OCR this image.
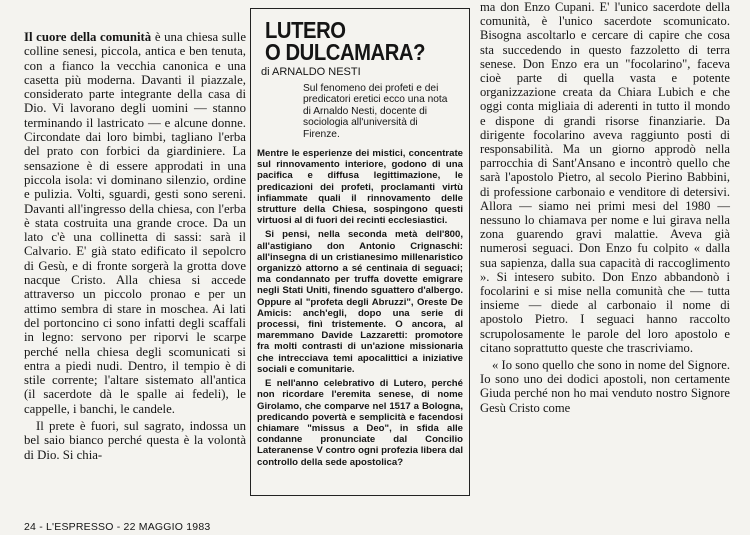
Il cuore della comunità è una chiesa sulle colline senesi, piccola, antica e ben tenuta, con a fianco la vecchia canonica e una casetta più moderna. Davanti il piazzale, considerato parte integrante della casa di Dio. Vi lavorano degli uomini — stanno terminando il lastricato — e alcune donne. Circondate dai loro bimbi, tagliano l'erba del prato con forbici da giardiniere. La sensazione è di essere approdati in una piccola isola: vi dominano silenzio, ordine e pulizia. Volti, sguardi, gesti sono sereni. Davanti all'ingresso della chiesa, con l'erba è stata costruita una grande croce. Da un lato c'è una collinetta di sassi: sarà il Calvario. E' già stato edificato il sepolcro di Gesù, e di fronte sorgerà la grotta dove nacque Cristo. Alla chiesa si accede attraverso un piccolo pronao e per un attimo sembra di stare in moschea. Ai lati del portoncino ci sono infatti degli scaffali in legno: servono per riporvi le scarpe perché nella chiesa degli scomunicati si entra a piedi nudi. Dentro, il tempio è di stile corrente; l'altare sistemato all'antica (il sacerdote dà le spalle ai fedeli), le cappelle, i banchi, le candele.

Il prete è fuori, sul sagrato, indossa un bel saio bianco perché questa è la volontà di Dio. Si chia-

LUTERO
O DULCAMARA?
di ARNALDO NESTI

Sul fenomeno dei profeti e dei predicatori eretici ecco una nota di Arnaldo Nesti, docente di sociologia all'università di Firenze.

Mentre le esperienze dei mistici, concentrate sul rinnovamento interiore, godono di una pacifica e diffusa legittimazione, le predicazioni dei profeti, proclamanti virtù infiammate quali il rinnovamento delle strutture della Chiesa, sospingono questi virtuosi al di fuori dei recinti ecclesiastici.

Si pensi, nella seconda metà dell'800, all'astigiano don Antonio Crignaschi: all'insegna di un cristianesimo millenaristico organizzò attorno a sé centinaia di seguaci; ma condannato per truffa dovette emigrare negli Stati Uniti, finendo sguattero d'albergo. Oppure al "profeta degli Abruzzi", Oreste De Amicis: anch'egli, dopo una serie di processi, finì tristemente. O ancora, al maremmano Davide Lazzaretti: promotore fra molti contrasti di un'azione missionaria che intrecciava temi apocalittici a iniziative sociali e comunitarie.

E nell'anno celebrativo di Lutero, perché non ricordare l'eremita senese, di nome Girolamo, che comparve nel 1517 a Bologna, predicando povertà e semplicità e facendosi chiamare "missus a Deo", in sfida alle condanne pronunciate dal Concilio Lateranense V contro ogni profezia libera dal controllo della sede apostolica?

ma don Enzo Cupani. E' l'unico sacerdote della comunità, è l'unico sacerdote scomunicato. Bisogna ascoltarlo e cercare di capire che cosa sta succedendo in questo fazzoletto di terra senese. Don Enzo era un "focolarino", faceva cioè parte di quella vasta e potente organizzazione creata da Chiara Lubich e che oggi conta migliaia di aderenti in tutto il mondo e dispone di grandi risorse finanziarie. Da dirigente focolarino aveva raggiunto posti di responsabilità. Ma un giorno approdò nella parrocchia di Sant'Ansano e incontrò quello che sarà l'apostolo Pietro, al secolo Pierino Babbini, di professione carbonaio e venditore di detersivi. Allora — siamo nei primi mesi del 1980 — nessuno lo chiamava per nome e lui girava nella zona guarendo gravi malattie. Aveva già numerosi seguaci. Don Enzo fu colpito « dalla sua sapienza, dalla sua capacità di raccoglimento ». Si intesero subito. Don Enzo abbandonò i focolarini e si mise nella comunità che — tutta insieme — diede al carbonaio il nome di apostolo Pietro. I seguaci hanno raccolto scrupolosamente le parole del loro apostolo e citano soprattutto queste che trascriviamo.

« Io sono quello che sono in nome del Signore. Io sono uno dei dodici apostoli, non certamente Giuda perché non ho mai venduto nostro Signore Gesù Cristo come

24 - L'ESPRESSO - 22 MAGGIO 1983
